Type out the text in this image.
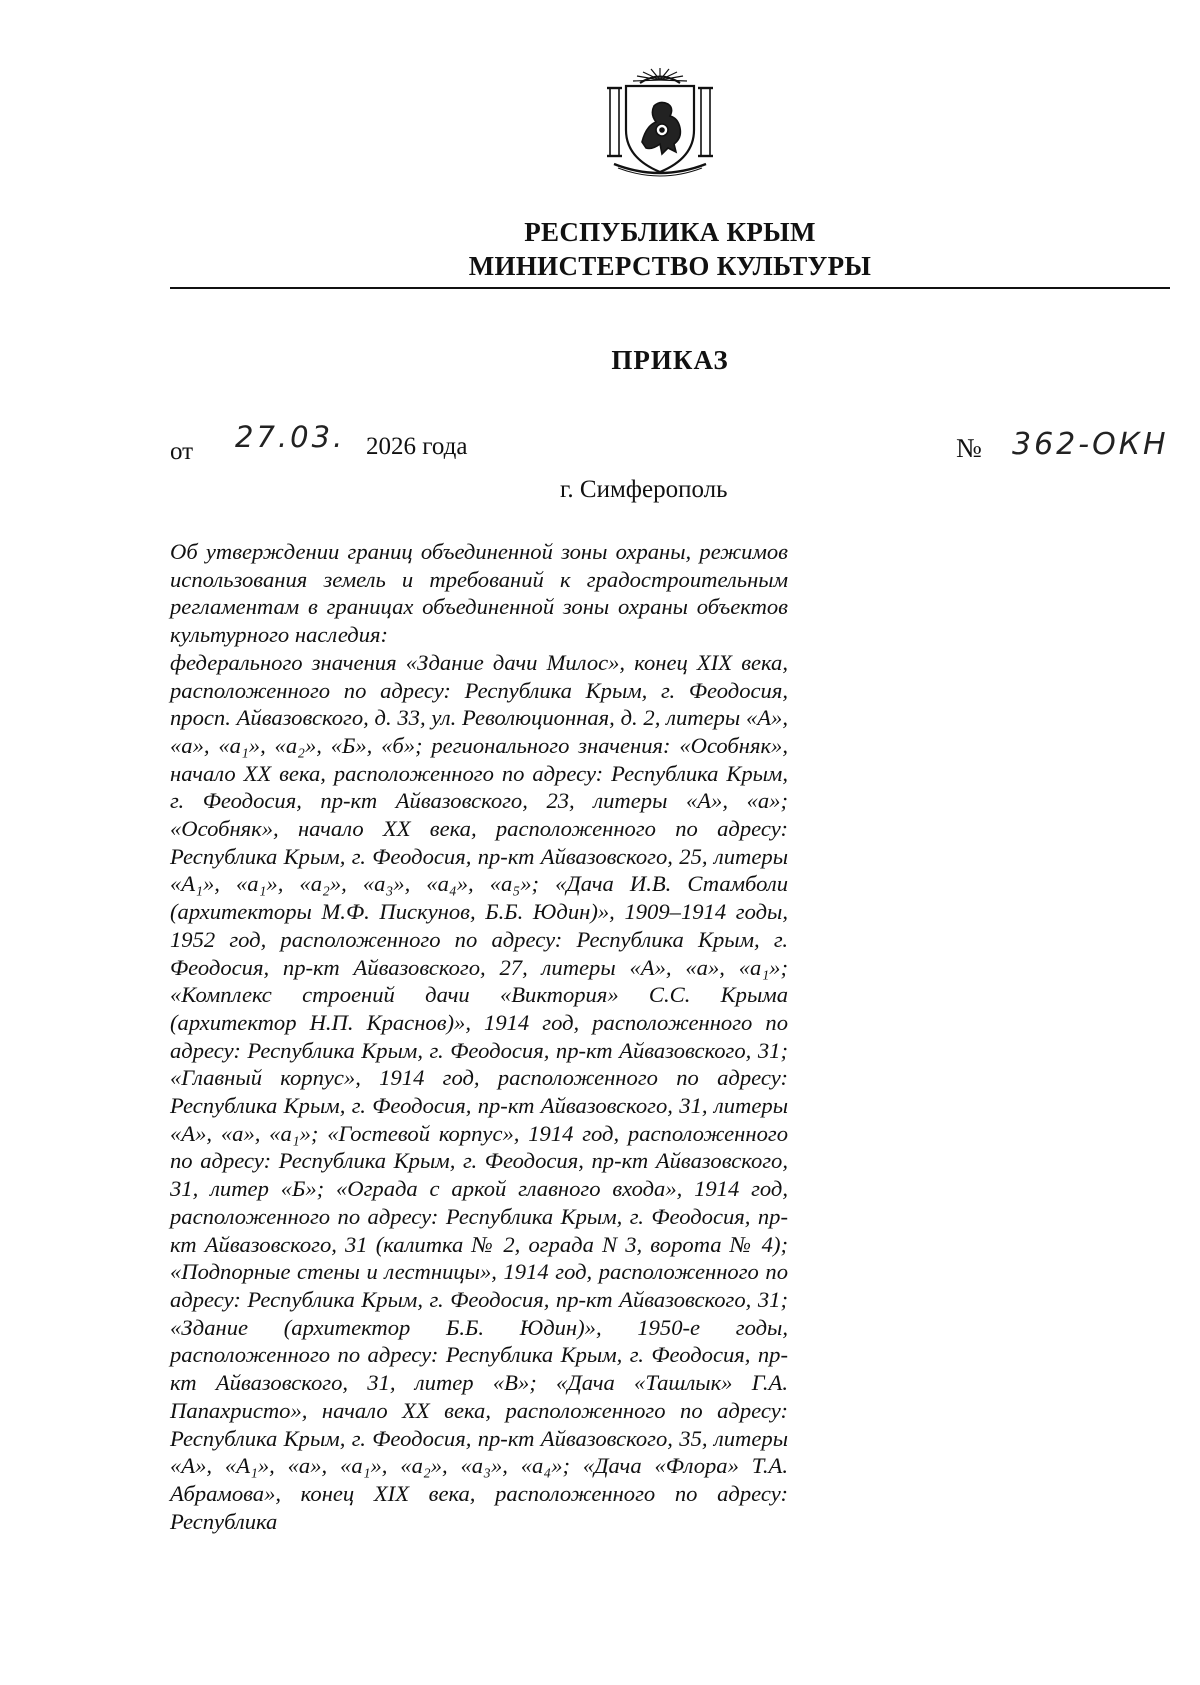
РЕСПУБЛИКА КРЫМ
МИНИСТЕРСТВО КУЛЬТУРЫ
ПРИКАЗ
от 27.03. 2026 года	№ 362-ОКН
г. Симферополь

Об утверждении границ объединенной зоны охраны, режимов использования земель и требований к градостроительным регламентам в границах объединенной зоны охраны объектов культурного наследия:

федерального значения «Здание дачи Милос», конец XIX века, расположенного по адресу: Республика Крым, г. Феодосия, просп. Айвазовского, д. 33, ул. Революционная, д. 2, литеры «А», «а», «а₁», «а₂», «Б», «б»; регионального значения: «Особняк», начало XX века, расположенного по адресу: Республика Крым, г. Феодосия, пр-кт Айвазовского, 23, литеры «А», «а»; «Особняк», начало XX века, расположенного по адресу: Республика Крым, г. Феодосия, пр-кт Айвазовского, 25, литеры «А₁», «а₁», «а₂», «а₃», «а₄», «а₅»; «Дача И.В. Стамболи (архитекторы М.Ф. Пискунов, Б.Б. Юдин)», 1909–1914 годы, 1952 год, расположенного по адресу: Республика Крым, г. Феодосия, пр-кт Айвазовского, 27, литеры «А», «а», «а₁»; «Комплекс строений дачи «Виктория» С.С. Крыма (архитектор Н.П. Краснов)», 1914 год, расположенного по адресу: Республика Крым, г. Феодосия, пр-кт Айвазовского, 31; «Главный корпус», 1914 год, расположенного по адресу: Республика Крым, г. Феодосия, пр-кт Айвазовского, 31, литеры «А», «а», «а₁»; «Гостевой корпус», 1914 год, расположенного по адресу: Республика Крым, г. Феодосия, пр-кт Айвазовского, 31, литер «Б»; «Ограда с аркой главного входа», 1914 год, расположенного по адресу: Республика Крым, г. Феодосия, пр-кт Айвазовского, 31 (калитка № 2, ограда N 3, ворота № 4); «Подпорные стены и лестницы», 1914 год, расположенного по адресу: Республика Крым, г. Феодосия, пр-кт Айвазовского, 31; «Здание (архитектор Б.Б. Юдин)», 1950-е годы, расположенного по адресу: Республика Крым, г. Феодосия, пр-кт Айвазовского, 31, литер «В»; «Дача «Ташлык» Г.А. Папахристо», начало XX века, расположенного по адресу: Республика Крым, г. Феодосия, пр-кт Айвазовского, 35, литеры «А», «А₁», «а», «а₁», «а₂», «а₃», «а₄»; «Дача «Флора» Т.А. Абрамова», конец XIX века, расположенного по адресу: Республика
